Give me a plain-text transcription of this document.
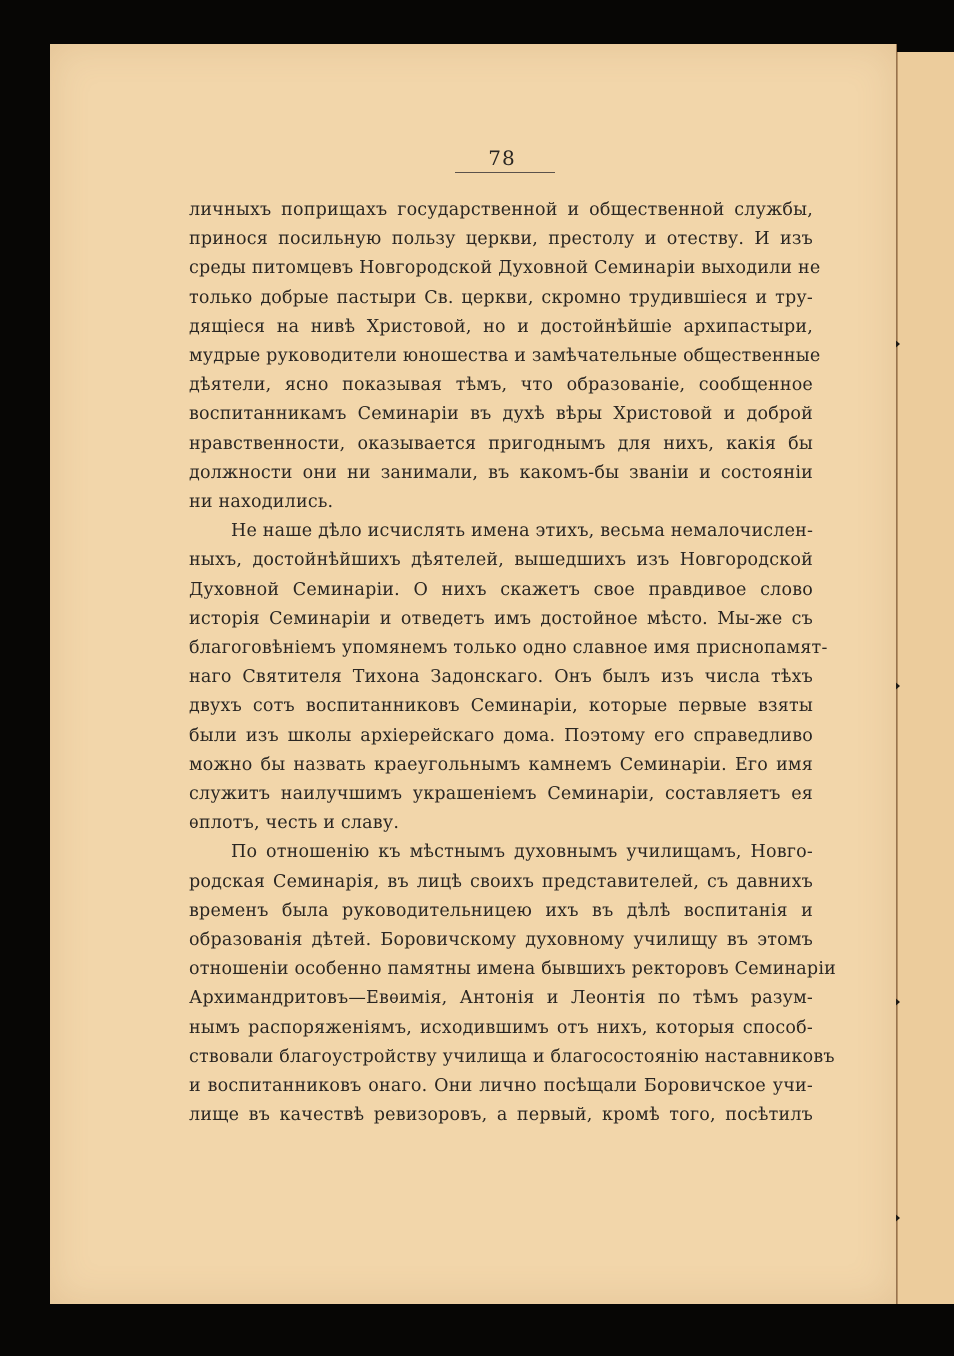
78
личныхъ поприщахъ государственной и общественной службы,
принося посильную пользу церкви, престолу и отеству. И изъ
среды питомцевъ Новгородской Духовной Семинаріи выходили не
только добрые пастыри Св. церкви, скромно трудившіеся и тру-
дящіеся на нивѣ Христовой, но и достойнѣйшіе архипастыри,
мудрые руководители юношества и замѣчательные общественные
дѣятели, ясно показывая тѣмъ, что образованіе, сообщенное
воспитанникамъ Семинаріи въ духѣ вѣры Христовой и доброй
нравственности, оказывается пригоднымъ для нихъ, какія бы
должности они ни занимали, въ какомъ-бы званіи и состояніи
ни находились.
Не наше дѣло исчислять имена этихъ, весьма немалочислен-
ныхъ, достойнѣйшихъ дѣятелей, вышедшихъ изъ Новгородской
Духовной Семинаріи. О нихъ скажетъ свое правдивое слово
исторія Семинаріи и отведетъ имъ достойное мѣсто. Мы-же съ
благоговѣніемъ упомянемъ только одно славное имя приснопамят-
наго Святителя Тихона Задонскаго. Онъ былъ изъ числа тѣхъ
двухъ сотъ воспитанниковъ Семинаріи, которые первые взяты
были изъ школы архіерейскаго дома. Поэтому его справедливо
можно бы назвать краеугольнымъ камнемъ Семинаріи. Его имя
служитъ наилучшимъ украшеніемъ Семинаріи, составляетъ ея
ѳплотъ, честь и славу.
По отношенію къ мѣстнымъ духовнымъ училищамъ, Новго-
родская Семинарія, въ лицѣ своихъ представителей, съ давнихъ
временъ была руководительницею ихъ въ дѣлѣ воспитанія и
образованія дѣтей. Боровичскому духовному училищу въ этомъ
отношеніи особенно памятны имена бывшихъ ректоровъ Семинаріи
Архимандритовъ—Евѳимія, Антонія и Леонтія по тѣмъ разум-
нымъ распоряженіямъ, исходившимъ отъ нихъ, которыя способ-
ствовали благоустройству училища и благосостоянію наставниковъ
и воспитанниковъ онаго. Они лично посѣщали Боровичское учи-
лище въ качествѣ ревизоровъ, а первый, кромѣ того, посѣтилъ
